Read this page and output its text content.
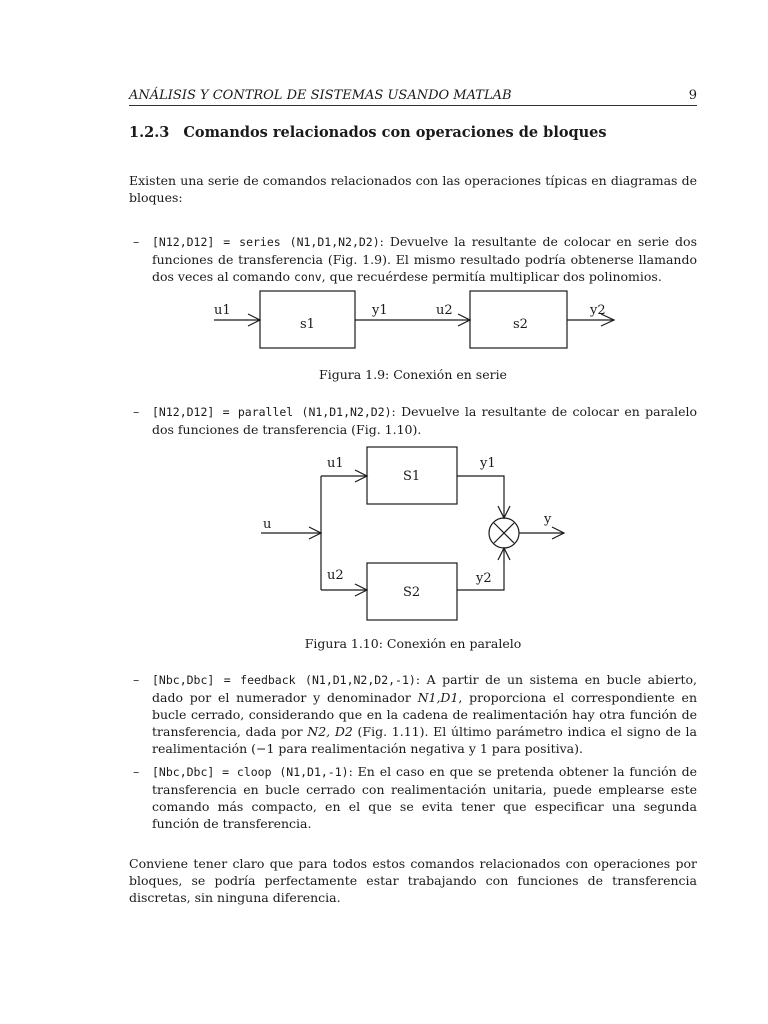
ANÁLISIS Y CONTROL DE SISTEMAS USANDO MATLAB	9
1.2.3 Comandos relacionados con operaciones de bloques
Existen una serie de comandos relacionados con las operaciones típicas en diagramas de bloques:
– [N12,D12] = series (N1,D1,N2,D2): Devuelve la resultante de colocar en serie dos funciones de transferencia (Fig. 1.9). El mismo resultado podría obtenerse llamando dos veces al comando conv, que recuérdese permitía multiplicar dos polinomios.
– [N12,D12] = parallel (N1,D1,N2,D2): Devuelve la resultante de colocar en paralelo dos funciones de transferencia (Fig. 1.10).
– [Nbc,Dbc] = feedback (N1,D1,N2,D2,-1): A partir de un sistema en bucle abierto, dado por el numerador y denominador N1,D1, proporciona el correspondiente en bucle cerrado, considerando que en la cadena de realimentación hay otra función de transferencia, dada por N2, D2 (Fig. 1.11). El último parámetro indica el signo de la realimentación (−1 para realimentación negativa y 1 para positiva).
– [Nbc,Dbc] = cloop (N1,D1,-1): En el caso en que se pretenda obtener la función de transferencia en bucle cerrado con realimentación unitaria, puede emplearse este comando más compacto, en el que se evita tener que especificar una segunda función de transferencia.
Conviene tener claro que para todos estos comandos relacionados con operaciones por bloques, se podría perfectamente estar trabajando con funciones de transferencia discretas, sin ninguna diferencia.
Figura 1.9: Conexión en serie
Figura 1.10: Conexión en paralelo
u1
s1
y1	u2
s2
y2
u
u1
S1
y1
u2
S2
y2
y
